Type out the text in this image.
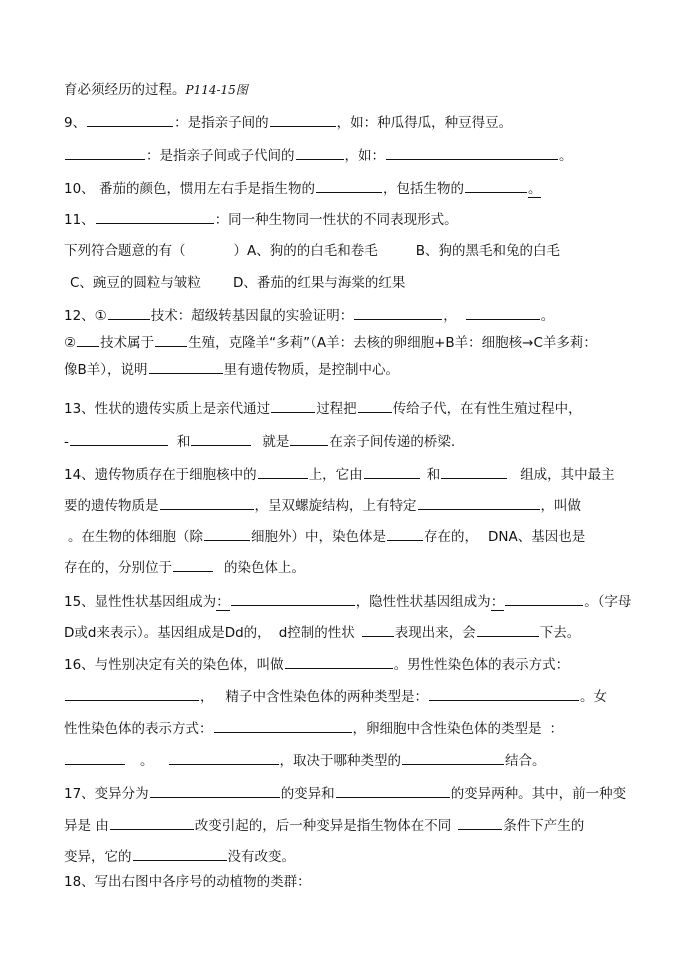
育必须经历的过程。P114-15图
9、	：是指亲子间的	，如：种瓜得瓜，种豆得豆。
：是指亲子间或子代间的	，如：	。
10、 番茄的颜色，惯用左右手是指生物的	，包括生物的	。
11、	：同一种生物同一性状的不同表现形式。
下列符合题意的有（	）A、狗的的白毛和卷毛	B、狗的黑毛和兔的白毛
C、豌豆的圆粒与皱粒 D、番茄的红果与海棠的红果
12、①	技术：超级转基因鼠的实验证明：	，	。
② 技术属于	生殖，克隆羊“多莉”（A羊：去核的卵细胞+B羊：细胞核→C羊多莉：
像B羊），说明	里有遗传物质，是控制中心。
13、性状的遗传实质上是亲代通过	过程把	传给子代，在有性生殖过程中，
-	和	就是	在亲子间传递的桥梁.
14、遗传物质存在于细胞核中的	上，它由	和	组成，其中最主
要的遗传物质是	，呈双螺旋结构，上有特定	，叫做
。在生物的体细胞（除	细胞外）中，染色体是	存在的， DNA、基因也是
存在的，分别位于	的染色体上。
15、显性性状基因组成为：	，隐性性状基因组成为：	。（字母
D或d来表示）。基因组成是Dd的， d控制的性状	表现出来，会	下去。
16、与性别决定有关的染色体，叫做	。男性性染色体的表示方式：
， 精子中含性染色体的两种类型是：	。女
性性染色体的表示方式：	，卵细胞中含性染色体的类型是 ：
。	，取决于哪种类型的	结合。
17、变异分为	的变异和	的变异两种。其中，前一种变
异是 由	改变引起的，后一种变异是指生物体在不同	条件下产生的
变异，它的	没有改变。
18、写出右图中各序号的动植物的类群：
